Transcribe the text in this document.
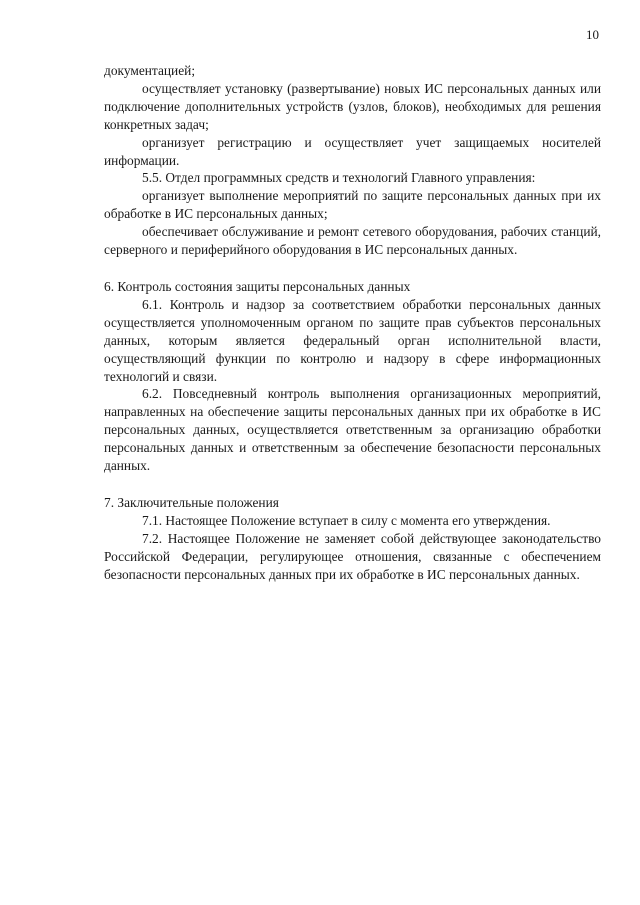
10

документацией;

осуществляет установку (развертывание) новых ИС персональных данных или подключение дополнительных устройств (узлов, блоков), необходимых для решения конкретных задач;

организует регистрацию и осуществляет учет защищаемых носителей информации.

5.5. Отдел программных средств и технологий Главного управления:

организует выполнение мероприятий по защите персональных данных при их обработке в ИС персональных данных;

обеспечивает обслуживание и ремонт сетевого оборудования, рабочих станций, серверного и периферийного оборудования в ИС персональных данных.

6. Контроль состояния защиты персональных данных

6.1. Контроль и надзор за соответствием обработки персональных данных осуществляется уполномоченным органом по защите прав субъектов персональных данных, которым является федеральный орган исполнительной власти, осуществляющий функции по контролю и надзору в сфере информационных технологий и связи.

6.2. Повседневный контроль выполнения организационных мероприятий, направленных на обеспечение защиты персональных данных при их обработке в ИС персональных данных, осуществляется ответственным за организацию обработки персональных данных и ответственным за обеспечение безопасности персональных данных.

7. Заключительные положения

7.1. Настоящее Положение вступает в силу с момента его утверждения.

7.2. Настоящее Положение не заменяет собой действующее законодательство Российской Федерации, регулирующее отношения, связанные с обеспечением безопасности персональных данных при их обработке в ИС персональных данных.
